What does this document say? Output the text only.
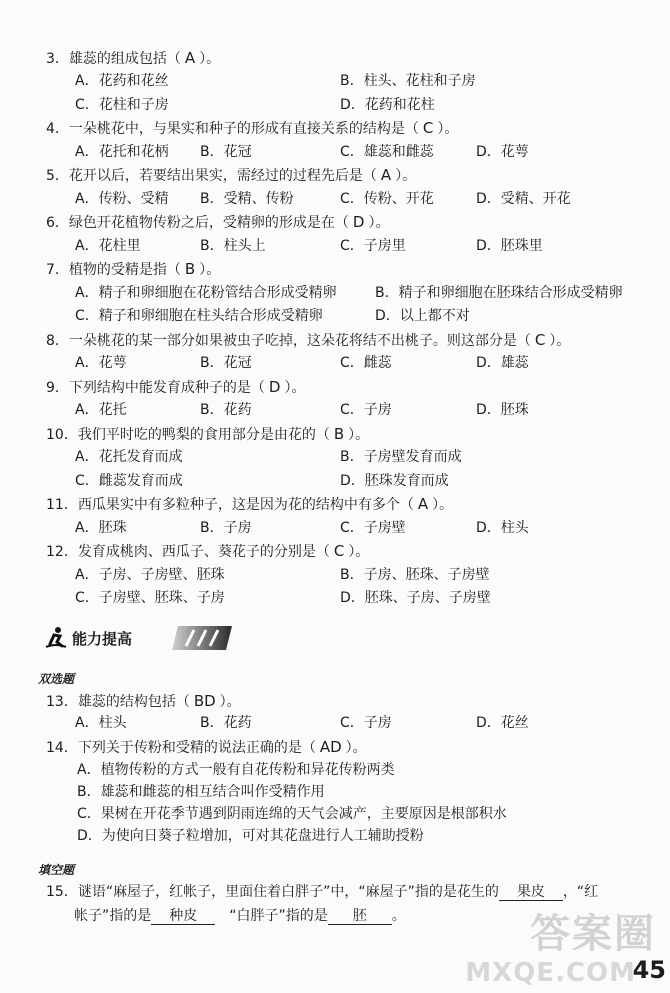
3．雄蕊的组成包括（ A ）。
A．花药和花丝	B．柱头、花柱和子房
C．花柱和子房	D．花药和花柱
4．一朵桃花中，与果实和种子的形成有直接关系的结构是（ C ）。
A．花托和花柄 B．花冠	C．雄蕊和雌蕊	D．花萼
5．花开以后，若要结出果实，需经过的过程先后是（ A ）。
A．传粉、受精 B．受精、传粉	C．传粉、开花	D．受精、开花
6．绿色开花植物传粉之后，受精卵的形成是在（ D ）。
A．花柱里	B．柱头上	C．子房里	D．胚珠里
7．植物的受精是指（ B ）。
A．精子和卵细胞在花粉管结合形成受精卵	B．精子和卵细胞在胚珠结合形成受精卵
C．精子和卵细胞在柱头结合形成受精卵	D．以上都不对
8．一朵桃花的某一部分如果被虫子吃掉，这朵花将结不出桃子。则这部分是（ C ）。
A．花萼	B．花冠	C．雌蕊	D．雄蕊
9．下列结构中能发育成种子的是（ D ）。
A．花托	B．花药	C．子房	D．胚珠
10．我们平时吃的鸭梨的食用部分是由花的（ B ）。
A．花托发育而成	B．子房壁发育而成
C．雌蕊发育而成	D．胚珠发育而成
11．西瓜果实中有多粒种子，这是因为花的结构中有多个（ A ）。
A．胚珠	B．子房	C．子房壁	D．柱头
12．发育成桃肉、西瓜子、葵花子的分别是（ C ）。
A．子房、子房壁、胚珠	B．子房、胚珠、子房壁
C．子房壁、胚珠、子房	D．胚珠、子房、子房壁
能力提高
双选题
13．雄蕊的结构包括（ BD ）。
A．柱头	B．花药	C．子房	D．花丝
14．下列关于传粉和受精的说法正确的是（ AD ）。
A．植物传粉的方式一般有自花传粉和异花传粉两类
B．雄蕊和雌蕊的相互结合叫作受精作用
C．果树在开花季节遇到阴雨连绵的天气会减产，主要原因是根部积水
D．为使向日葵子粒增加，可对其花盘进行人工辅助授粉
填空题
15．谜语“麻屋子，红帐子，里面住着白胖子”中，“麻屋子”指的是花生的 果皮 ，“红
帐子”指的是 种皮 “白胖子”指的是 胚 。	答案圈
MXQE.COM
45
